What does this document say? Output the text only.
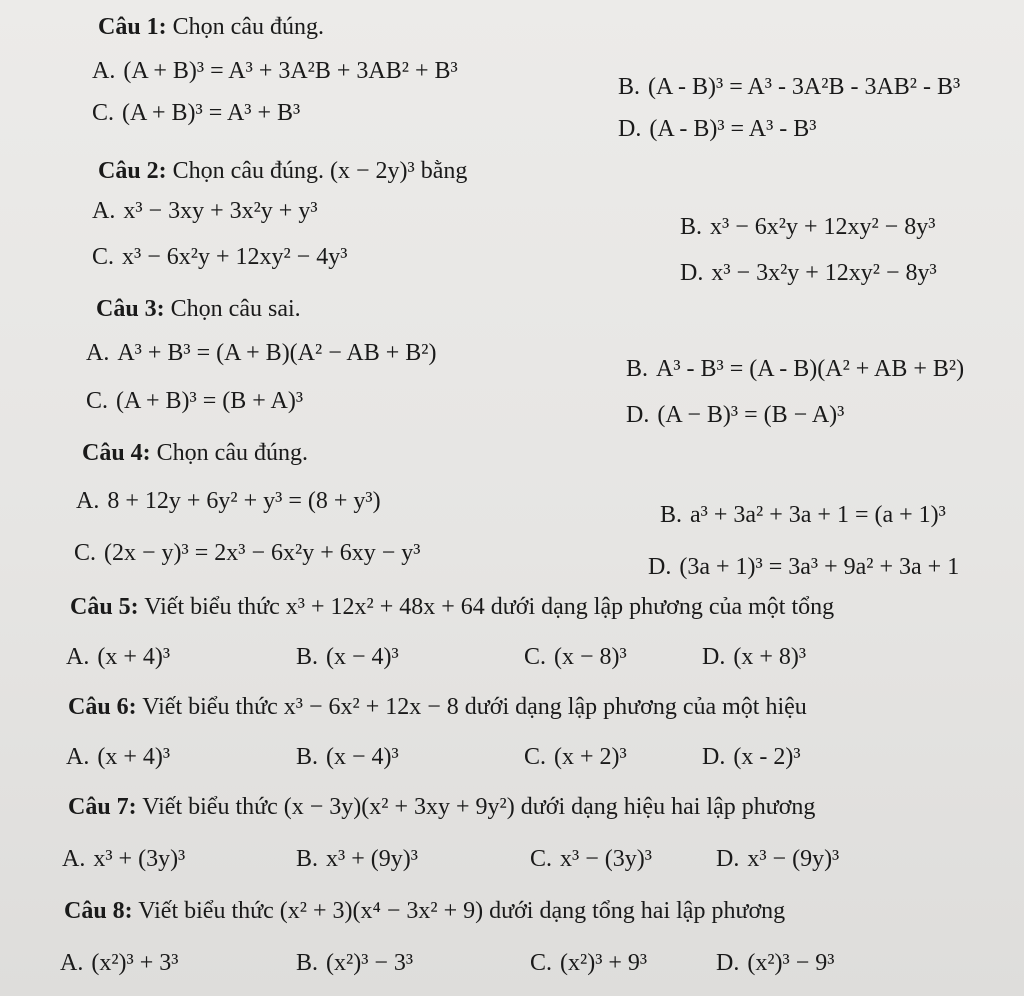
Câu 1: Chọn câu đúng.
A. (A + B)³ = A³ + 3A²B + 3AB² + B³
B. (A - B)³ = A³ - 3A²B - 3AB² - B³
C. (A + B)³ = A³ + B³
D. (A - B)³ = A³ - B³
Câu 2: Chọn câu đúng. (x − 2y)³ bằng
A. x³ − 3xy + 3x²y + y³
B. x³ − 6x²y + 12xy² − 8y³
C. x³ − 6x²y + 12xy² − 4y³
D. x³ − 3x²y + 12xy² − 8y³
Câu 3: Chọn câu sai.
A. A³ + B³ = (A + B)(A² − AB + B²)
B. A³ - B³ = (A - B)(A² + AB + B²)
C. (A + B)³ = (B + A)³
D. (A − B)³ = (B − A)³
Câu 4: Chọn câu đúng.
A. 8 + 12y + 6y² + y³ = (8 + y³)
B. a³ + 3a² + 3a + 1 = (a + 1)³
C. (2x − y)³ = 2x³ − 6x²y + 6xy − y³
D. (3a + 1)³ = 3a³ + 9a² + 3a + 1
Câu 5: Viết biểu thức x³ + 12x² + 48x + 64 dưới dạng lập phương của một tổng
A. (x + 4)³	B. (x − 4)³	C. (x − 8)³	D. (x + 8)³
Câu 6: Viết biểu thức x³ − 6x² + 12x − 8 dưới dạng lập phương của một hiệu
A. (x + 4)³	B. (x − 4)³	C. (x + 2)³	D. (x - 2)³
Câu 7: Viết biểu thức (x − 3y)(x² + 3xy + 9y²) dưới dạng hiệu hai lập phương
A. x³ + (3y)³	B. x³ + (9y)³	C. x³ − (3y)³	D. x³ − (9y)³
Câu 8: Viết biểu thức (x² + 3)(x⁴ − 3x² + 9) dưới dạng tổng hai lập phương
A. (x²)³ + 3³	B. (x²)³ − 3³	C. (x²)³ + 9³	D. (x²)³ − 9³
